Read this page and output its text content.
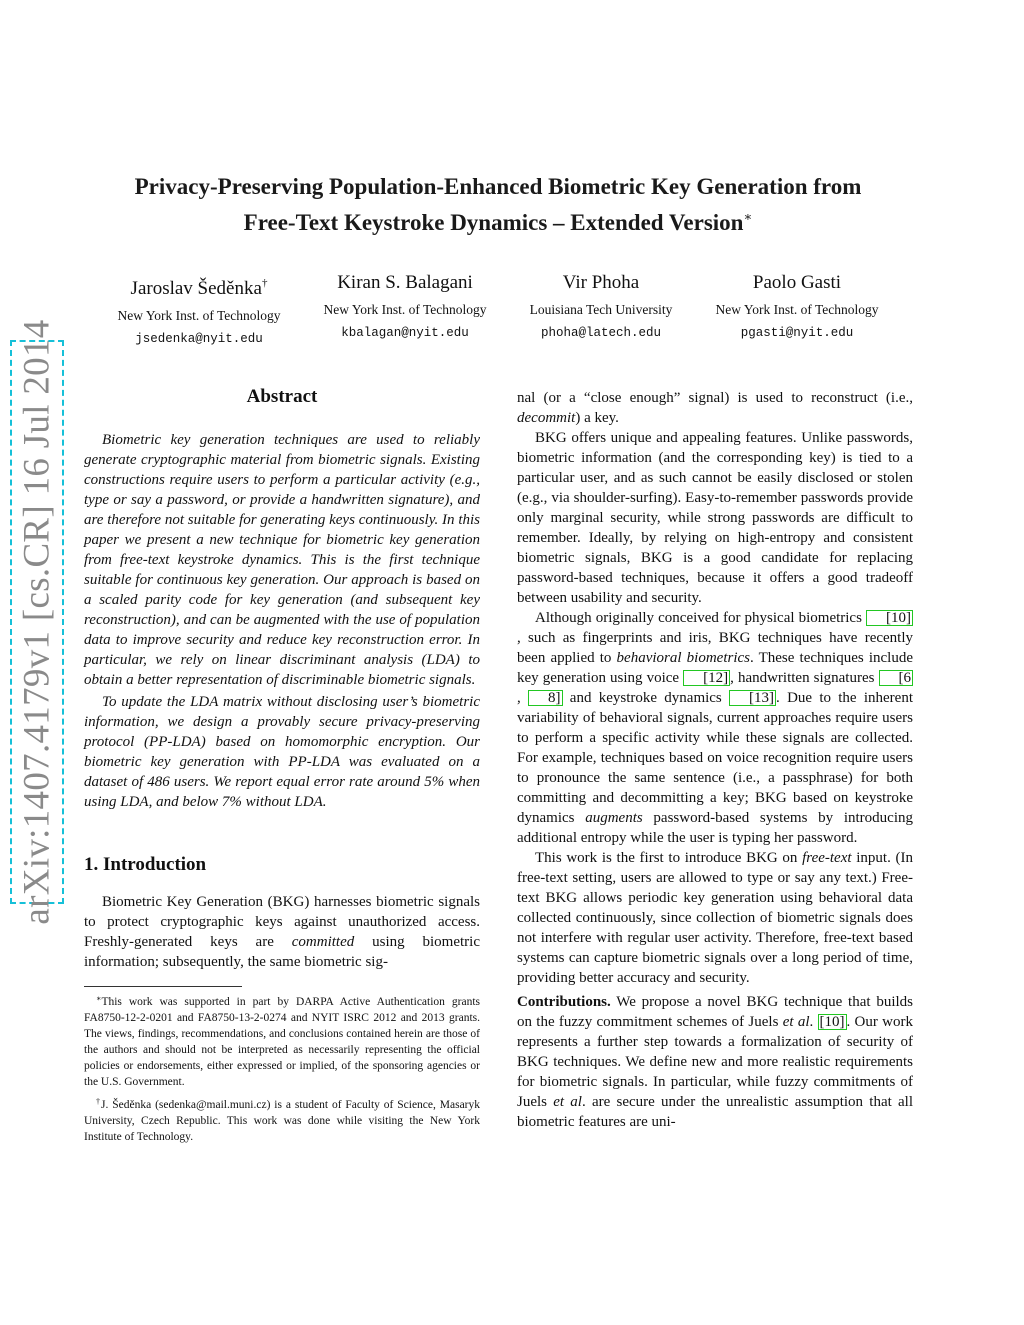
Privacy-Preserving Population-Enhanced Biometric Key Generation from
Free-Text Keystroke Dynamics – Extended Version∗
Jaroslav Šeděnka†
New York Inst. of Technology
jsedenka@nyit.edu
Kiran S. Balagani
New York Inst. of Technology
kbalagan@nyit.edu
Vir Phoha
Louisiana Tech University
phoha@latech.edu
Paolo Gasti
New York Inst. of Technology
pgasti@nyit.edu
arXiv:1407.4179v1 [cs.CR] 16 Jul 2014	Abstract

Biometric key generation techniques are used to reliably generate cryptographic material from biometric signals. Existing constructions require users to perform a particular activity (e.g., type or say a password, or provide a handwritten signature), and are therefore not suitable for generating keys continuously. In this paper we present a new technique for biometric key generation from free-text keystroke dynamics. This is the first technique suitable for continuous key generation. Our approach is based on a scaled parity code for key generation (and subsequent key reconstruction), and can be augmented with the use of population data to improve security and reduce key reconstruction error. In particular, we rely on linear discriminant analysis (LDA) to obtain a better representation of discriminable biometric signals.

To update the LDA matrix without disclosing user’s biometric information, we design a provably secure privacy-preserving protocol (PP-LDA) based on homomorphic encryption. Our biometric key generation with PP-LDA was evaluated on a dataset of 486 users. We report equal error rate around 5% when using LDA, and below 7% without LDA.

1. Introduction

Biometric Key Generation (BKG) harnesses biometric signals to protect cryptographic keys against unauthorized access. Freshly-generated keys are committed using biometric information; subsequently, the same biometric sig-

∗This work was supported in part by DARPA Active Authentication grants FA8750-12-2-0201 and FA8750-13-2-0274 and NYIT ISRC 2012 and 2013 grants. The views, findings, recommendations, and conclusions contained herein are those of the authors and should not be interpreted as necessarily representing the official policies or endorsements, either expressed or implied, of the sponsoring agencies or the U.S. Government.

†J. Šeděnka (sedenka@mail.muni.cz) is a student of Faculty of Science, Masaryk University, Czech Republic. This work was done while visiting the New York Institute of Technology.

nal (or a “close enough” signal) is used to reconstruct (i.e., decommit) a key.

BKG offers unique and appealing features. Unlike passwords, biometric information (and the corresponding key) is tied to a particular user, and as such cannot be easily disclosed or stolen (e.g., via shoulder-surfing). Easy-to-remember passwords provide only marginal security, while strong passwords are difficult to remember. Ideally, by relying on high-entropy and consistent biometric signals, BKG is a good candidate for replacing password-based techniques, because it offers a good tradeoff between usability and security.

Although originally conceived for physical biometrics [10], such as fingerprints and iris, BKG techniques have recently been applied to behavioral biometrics. These techniques include key generation using voice [12] , handwritten signatures [6, 8] and keystroke dynamics [13] . Due to the inherent variability of behavioral signals, current approaches require users to perform a specific activity while these signals are collected. For example, techniques based on voice recognition require users to pronounce the same sentence (i.e., a passphrase) for both committing and decommitting a key; BKG based on keystroke dynamics augments password-based systems by introducing additional entropy while the user is typing her password.

This work is the first to introduce BKG on free-text input. (In free-text setting, users are allowed to type or say any text.) Free-text BKG allows periodic key generation using behavioral data collected continuously, since collection of biometric signals does not interfere with regular user activity. Therefore, free-text based systems can capture biometric signals over a long period of time, providing better accuracy and security.

Contributions. We propose a novel BKG technique that builds on the fuzzy commitment schemes of Juels et al. [10] . Our work represents a further step towards a formalization of security of BKG techniques. We define new and more realistic requirements for biometric signals. In particular, while fuzzy commitments of Juels et al. are secure under the unrealistic assumption that all biometric features are uni-
